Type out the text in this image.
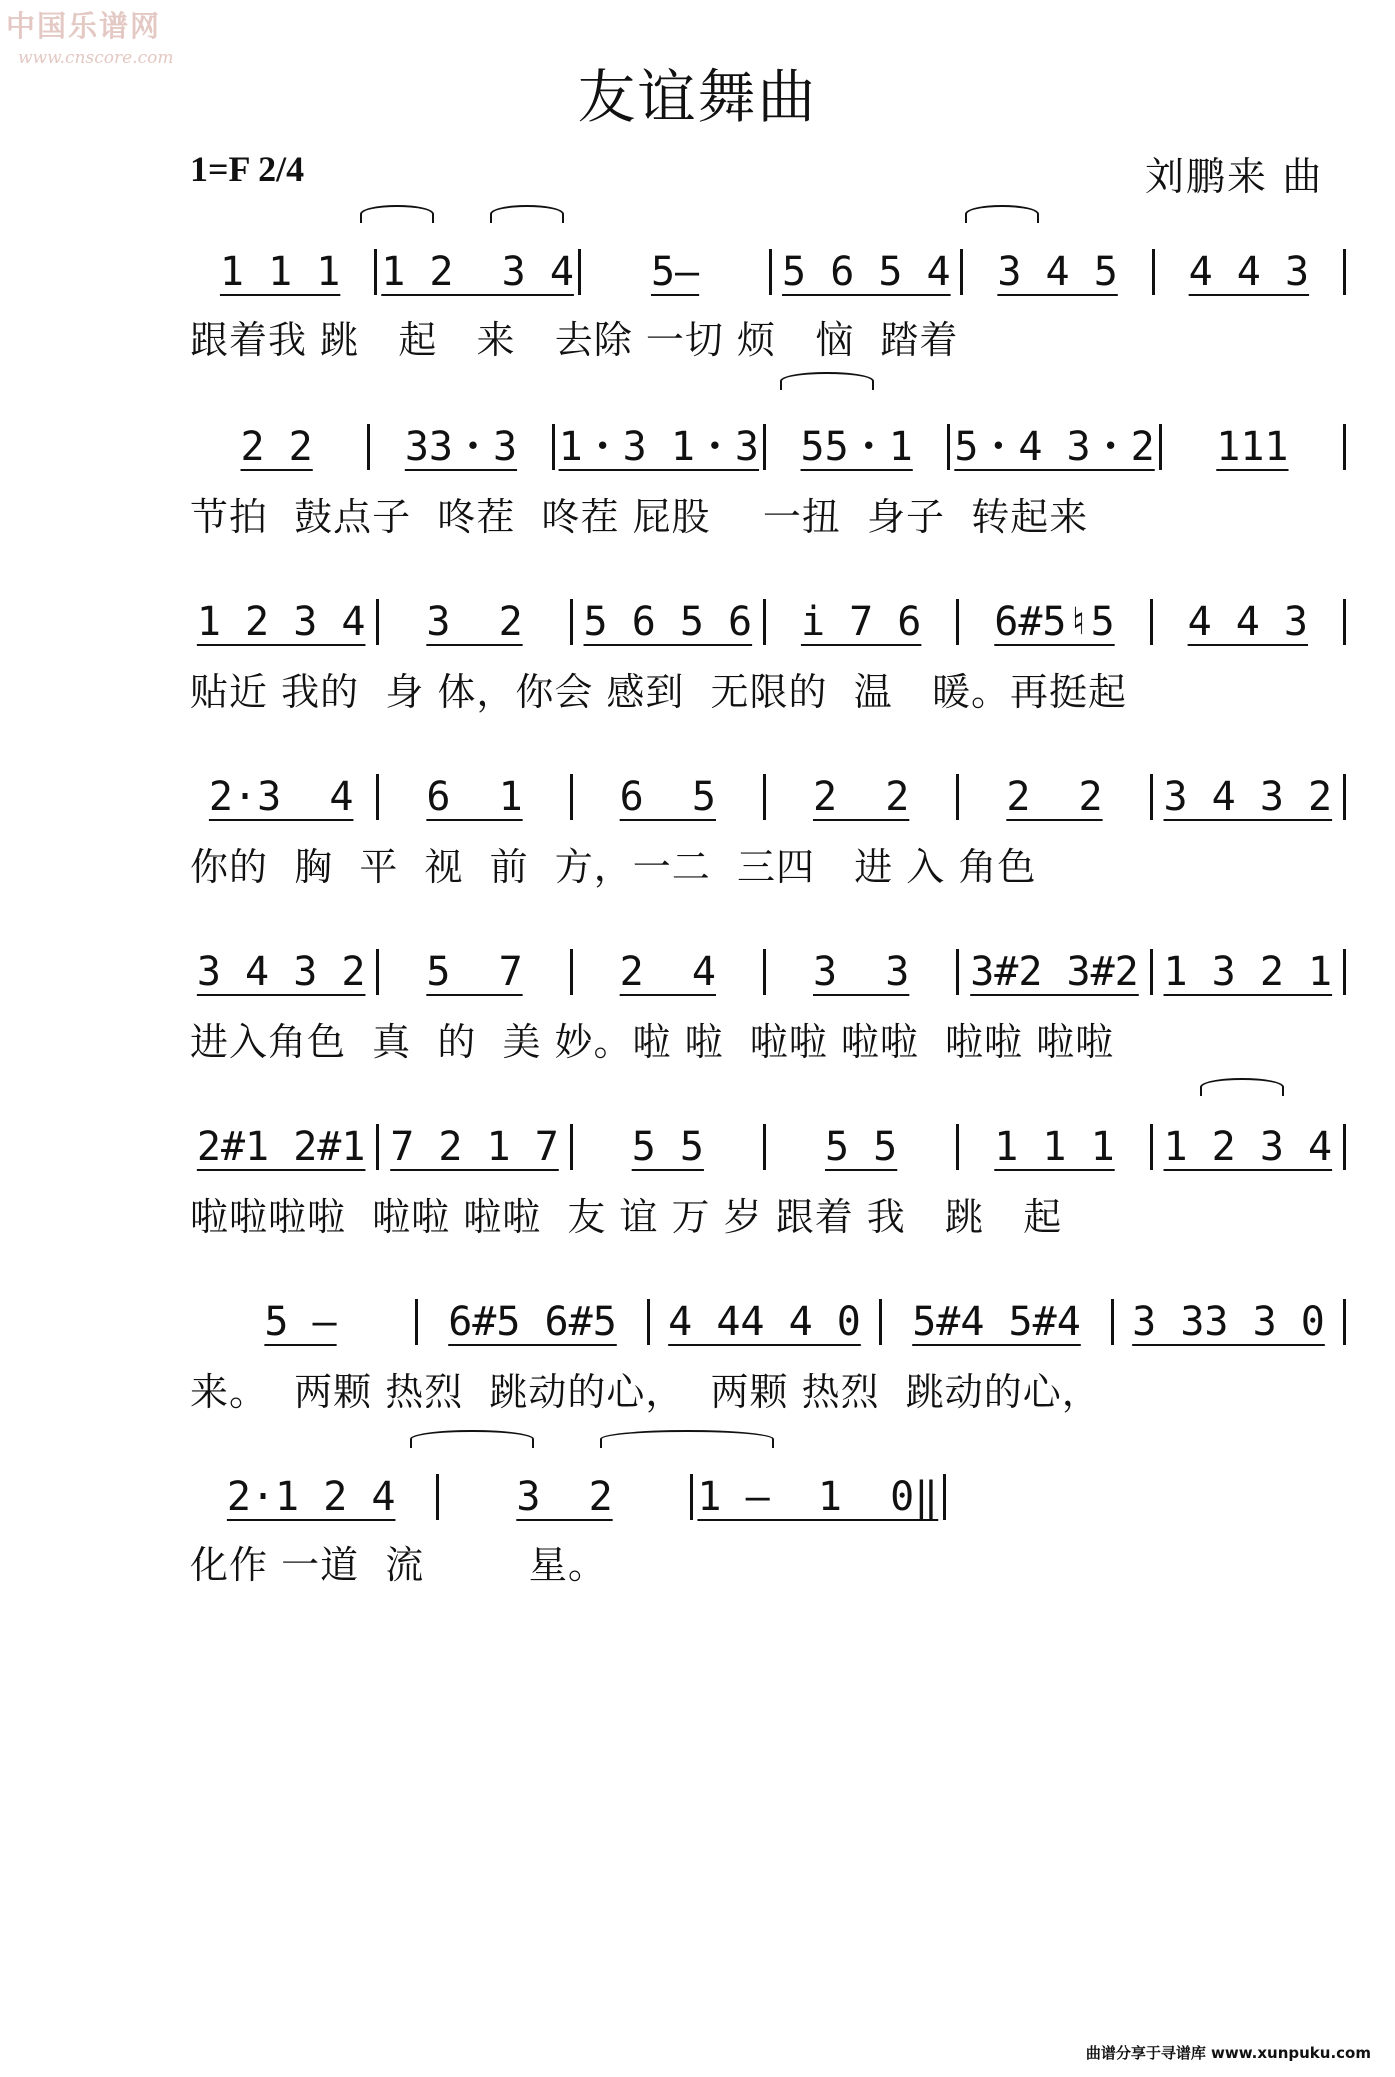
中国乐谱网
www.cnscore.com
友谊舞曲
1=F 2/4	刘鹏来 曲
1 1 1	1 2  3 4	5—	5 6 5 4	3 4 5	4 4 3
跟着我 跳   起   来   去除 一切 烦   恼  踏着
2 2	33・3	1・3 1・3	55・1	5・4 3・2	111
节拍  鼓点子  咚茬  咚茬 屁股    一扭  身子  转起来
1 2 3 4	3  2	5 6 5 6	i 7 6	6#5♮5	4 4 3
贴近 我的  身 体，你会 感到  无限的  温   暖。再挺起
2·3  4	6  1	6  5	2  2	2  2	3 4 3 2
你的  胸  平  视  前  方，一二  三四   进 入 角色
3 4 3 2	5  7	2  4	3  3	3#2 3#2 1 3 2 1
进入角色  真  的  美 妙。啦 啦  啦啦 啦啦  啦啦 啦啦
2#1 2#1 7 2 1 7	5 5	5 5	1 1 1	1 2 3 4
啦啦啦啦  啦啦 啦啦  友 谊 万 岁 跟着 我   跳   起
5 —	6#5 6#5	4 44 4 0	5#4 5#4	3 33 3 0
来。  两颗 热烈  跳动的心，  两颗 热烈  跳动的心，
2·1 2 4	3  2	1 —  1  0‖
化作 一道  流        星。
曲谱分享于寻谱库 www.xunpuku.com
